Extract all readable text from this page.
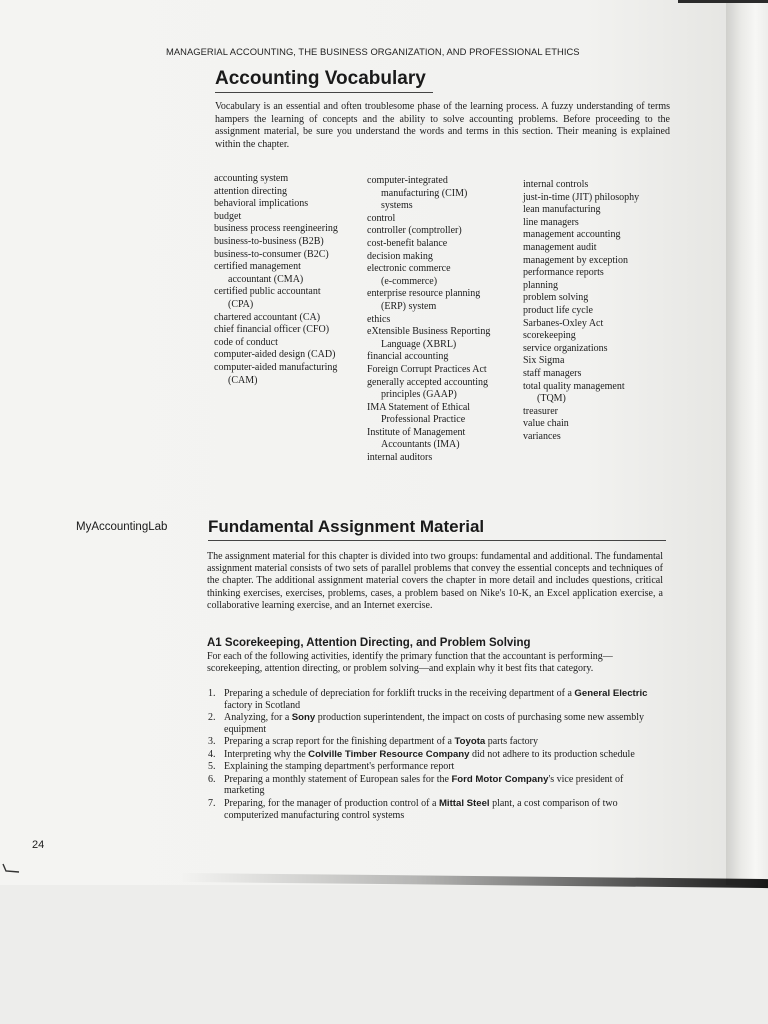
MANAGERIAL ACCOUNTING, THE BUSINESS ORGANIZATION, AND PROFESSIONAL ETHICS
Accounting Vocabulary

Vocabulary is an essential and often troublesome phase of the learning process. A fuzzy understanding of terms hampers the learning of concepts and the ability to solve accounting problems. Before proceeding to the assignment material, be sure you understand the words and terms in this section. Their meaning is explained within the chapter.

accounting system
attention directing
behavioral implications
budget
business process reengineering
business-to-business (B2B)
business-to-consumer (B2C)
certified management
accountant (CMA)
certified public accountant
(CPA)
chartered accountant (CA)
chief financial officer (CFO)
code of conduct
computer-aided design (CAD)
computer-aided manufacturing
(CAM)
computer-integrated
manufacturing (CIM)
systems
control
controller (comptroller)
cost-benefit balance
decision making
electronic commerce
(e-commerce)
enterprise resource planning
(ERP) system
ethics
eXtensible Business Reporting
Language (XBRL)
financial accounting
Foreign Corrupt Practices Act
generally accepted accounting
principles (GAAP)
IMA Statement of Ethical
Professional Practice
Institute of Management
Accountants (IMA)
internal auditors
internal controls
just-in-time (JIT) philosophy
lean manufacturing
line managers
management accounting
management audit
management by exception
performance reports
planning
problem solving
product life cycle
Sarbanes-Oxley Act
scorekeeping
service organizations
Six Sigma
staff managers
total quality management
(TQM)
treasurer
value chain
variances
MyAccountingLab Fundamental Assignment Material

The assignment material for this chapter is divided into two groups: fundamental and additional. The fundamental assignment material consists of two sets of parallel problems that convey the essential concepts and techniques of the chapter. The additional assignment material covers the chapter in more detail and includes questions, critical thinking exercises, exercises, problems, cases, a problem based on Nike's 10-K, an Excel application exercise, a collaborative learning exercise, and an Internet exercise.

A1 Scorekeeping, Attention Directing, and Problem Solving

For each of the following activities, identify the primary function that the accountant is performing—scorekeeping, attention directing, or problem solving—and explain why it best fits that category.

1. Preparing a schedule of depreciation for forklift trucks in the receiving department of a General Electric factory in Scotland
2. Analyzing, for a Sony production superintendent, the impact on costs of purchasing some new assembly equipment
3. Preparing a scrap report for the finishing department of a Toyota parts factory
4. Interpreting why the Colville Timber Resource Company did not adhere to its production schedule
5. Explaining the stamping department's performance report
6. Preparing a monthly statement of European sales for the Ford Motor Company's vice president of marketing
7. Preparing, for the manager of production control of a Mittal Steel plant, a cost comparison of two computerized manufacturing control systems
24
